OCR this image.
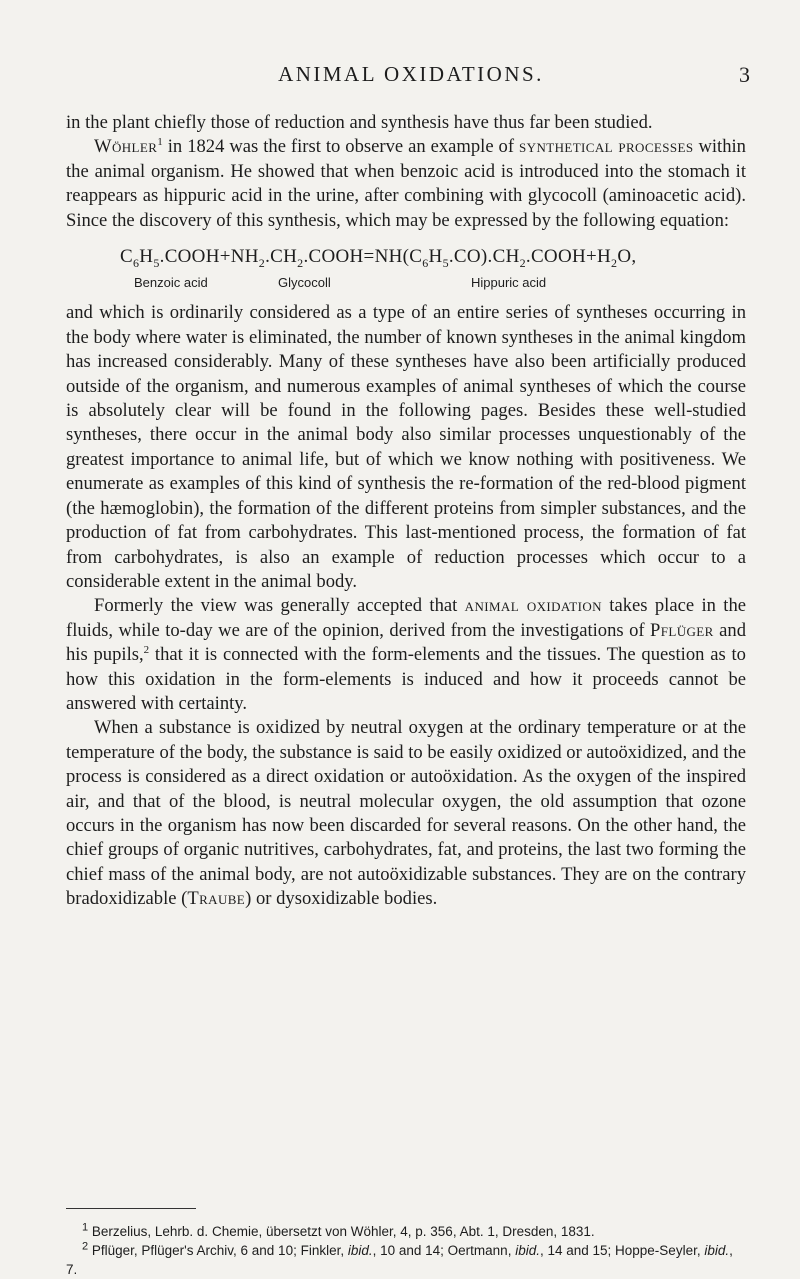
ANIMAL OXIDATIONS.	3

in the plant chiefly those of reduction and synthesis have thus far been studied.

Wöhler$^1$ in 1824 was the first to observe an example of synthetical processes within the animal organism. He showed that when benzoic acid is introduced into the stomach it reappears as hippuric acid in the urine, after combining with glycocoll (aminoacetic acid). Since the discovery of this synthesis, which may be expressed by the following equation:

$C_6H_5.COOH+NH_2.CH_2.COOH=NH(C_6H_5.CO).CH_2.COOH+H_2O$,
Benzoic acid	Glycocoll	Hippuric acid

and which is ordinarily considered as a type of an entire series of syntheses occurring in the body where water is eliminated, the number of known syntheses in the animal kingdom has increased considerably. Many of these syntheses have also been artificially produced outside of the organism, and numerous examples of animal syntheses of which the course is absolutely clear will be found in the following pages. Besides these well-studied syntheses, there occur in the animal body also similar processes unquestionably of the greatest importance to animal life, but of which we know nothing with positiveness. We enumerate as examples of this kind of synthesis the re-formation of the red-blood pigment (the hæmoglobin), the formation of the different proteins from simpler substances, and the production of fat from carbohydrates. This last-mentioned process, the formation of fat from carbohydrates, is also an example of reduction processes which occur to a considerable extent in the animal body.

Formerly the view was generally accepted that animal oxidation takes place in the fluids, while to-day we are of the opinion, derived from the investigations of Pflüger and his pupils,$^2$ that it is connected with the form-elements and the tissues. The question as to how this oxidation in the form-elements is induced and how it proceeds cannot be answered with certainty.

When a substance is oxidized by neutral oxygen at the ordinary temperature or at the temperature of the body, the substance is said to be easily oxidized or autoöxidized, and the process is considered as a direct oxidation or autoöxidation. As the oxygen of the inspired air, and that of the blood, is neutral molecular oxygen, the old assumption that ozone occurs in the organism has now been discarded for several reasons. On the other hand, the chief groups of organic nutritives, carbohydrates, fat, and proteins, the last two forming the chief mass of the animal body, are not autoöxidizable substances. They are on the contrary bradoxidizable (Traube) or dysoxidizable bodies.

$^1$ Berzelius, Lehrb. d. Chemie, übersetzt von Wöhler, 4, p. 356, Abt. 1, Dresden, 1831.

$^2$ Pflüger, Pflüger's Archiv, 6 and 10; Finkler, ibid., 10 and 14; Oertmann, ibid., 14 and 15; Hoppe-Seyler, ibid., 7.
